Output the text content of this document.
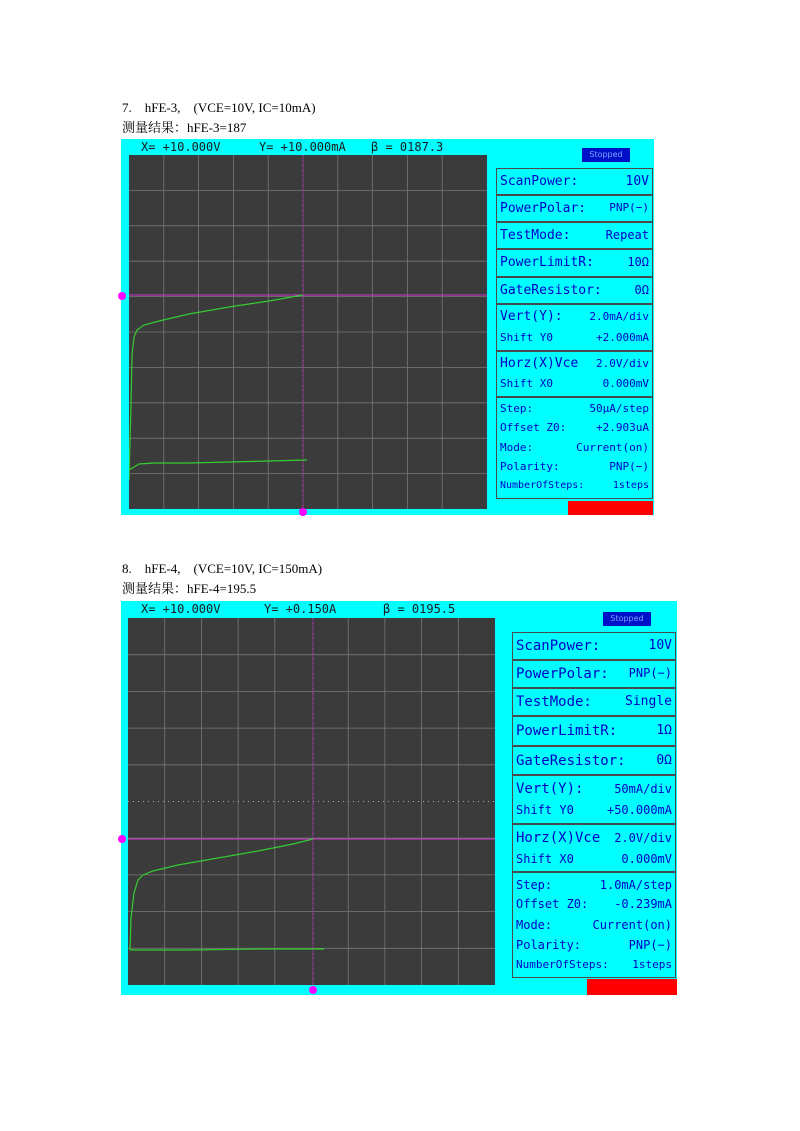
7.    hFE-3,    (VCE=10V, IC=10mA)
测量结果：hFE-3=187
X= +10.000V	Y= +10.000mA β = 0187.3
Stopped
ScanPower:	10V
PowerPolar: PNP(−)
TestMode:	Repeat
PowerLimitR:	10Ω
GateResistor:	0Ω
Vert(Y): 2.0mA/div
Shift Y0	+2.000mA
Horz(X)Vce 2.0V/div
Shift X0	0.000mV
Step:	50μA/step
Offset Z0:	+2.903uA
Mode:	Current(on)
Polarity:	PNP(−)
NumberOfSteps:	1steps
8.    hFE-4,    (VCE=10V, IC=150mA)
测量结果：hFE-4=195.5
X= +10.000V	Y= +0.150A	β = 0195.5
Stopped
ScanPower:	10V
PowerPolar: PNP(−)
TestMode:	Single
PowerLimitR:	1Ω
GateResistor: 0Ω
Vert(Y):	50mA/div
Shift Y0	+50.000mA
Horz(X)Vce 2.0V/div
Shift X0	0.000mV
Step:	1.0mA/step
Offset Z0: -0.239mA
Mode:	Current(on)
Polarity:	PNP(−)
NumberOfSteps: 1steps
